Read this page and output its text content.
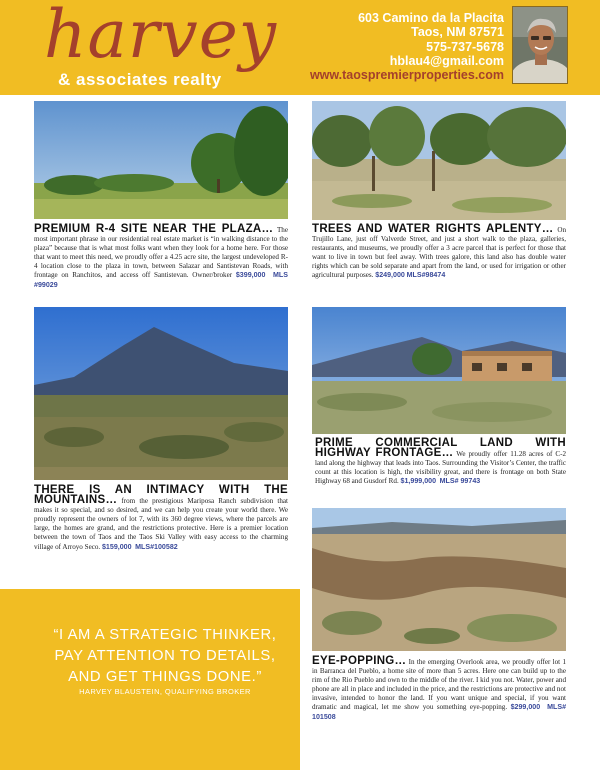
harvey
& associates realty
603 Camino da la Placita
Taos, NM 87571
575-737-5678
hblau4@gmail.com
www.taospremierproperties.com
PREMIUM R-4 SITE NEAR THE PLAZA… The most important phrase in our residential real estate market is “in walking distance to the plaza” because that is what most folks want when they look for a home here. For those that want to meet this need, we proudly offer a 4.25 acre site, the largest undeveloped R-4 location close to the plaza in town, between Salazar and Santistevan Roads, with frontage on Ranchitos, and access off Santistevan. Owner/broker $399,000 MLS #99029
TREES AND WATER RIGHTS APLENTY… On Trujillo Lane, just off Valverde Street, and just a short walk to the plaza, galleries, restaurants, and museums, we proudly offer a 3 acre parcel that is perfect for those that want to live in town but feel away. With trees galore, this land also has double water rights which can be sold separate and apart from the land, or used for irrigation or other agricultural purposes. $249,000 MLS#98474
THERE IS AN INTIMACY WITH THE MOUNTAINS… from the prestigious Mariposa Ranch subdivision that makes it so special, and so desired, and we can help you create your world there. We proudly represent the owners of lot 7, with its 360 degree views, where the parcels are large, the homes are grand, and the restrictions protective. Here is a premier location between the town of Taos and the Taos Ski Valley with easy access to the charming village of Arroyo Seco. $159,000 MLS#100582
PRIME COMMERCIAL LAND WITH HIGHWAY FRONTAGE… We proudly offer 11.28 acres of C-2 land along the highway that leads into Taos. Surrounding the Visitor’s Center, the traffic count at this location is high, the visibility great, and there is frontage on both State Highway 68 and Gusdorf Rd. $1,999,000 MLS# 99743
EYE-POPPING… In the emerging Overlook area, we proudly offer lot 1 in Barranca del Pueblo, a home site of more than 5 acres. Here one can build up to the rim of the Rio Pueblo and own to the middle of the river. I kid you not. Water, power and phone are all in place and included in the price, and the restrictions are protective and not invasive, intended to honor the land. If you want unique and special, if you want dramatic and magical, let me show you something eye-popping. $299,000 MLS# 101508
“I AM A STRATEGIC THINKER, PAY ATTENTION TO DETAILS, AND GET THINGS DONE.”
HARVEY BLAUSTEIN, QUALIFYING BROKER
